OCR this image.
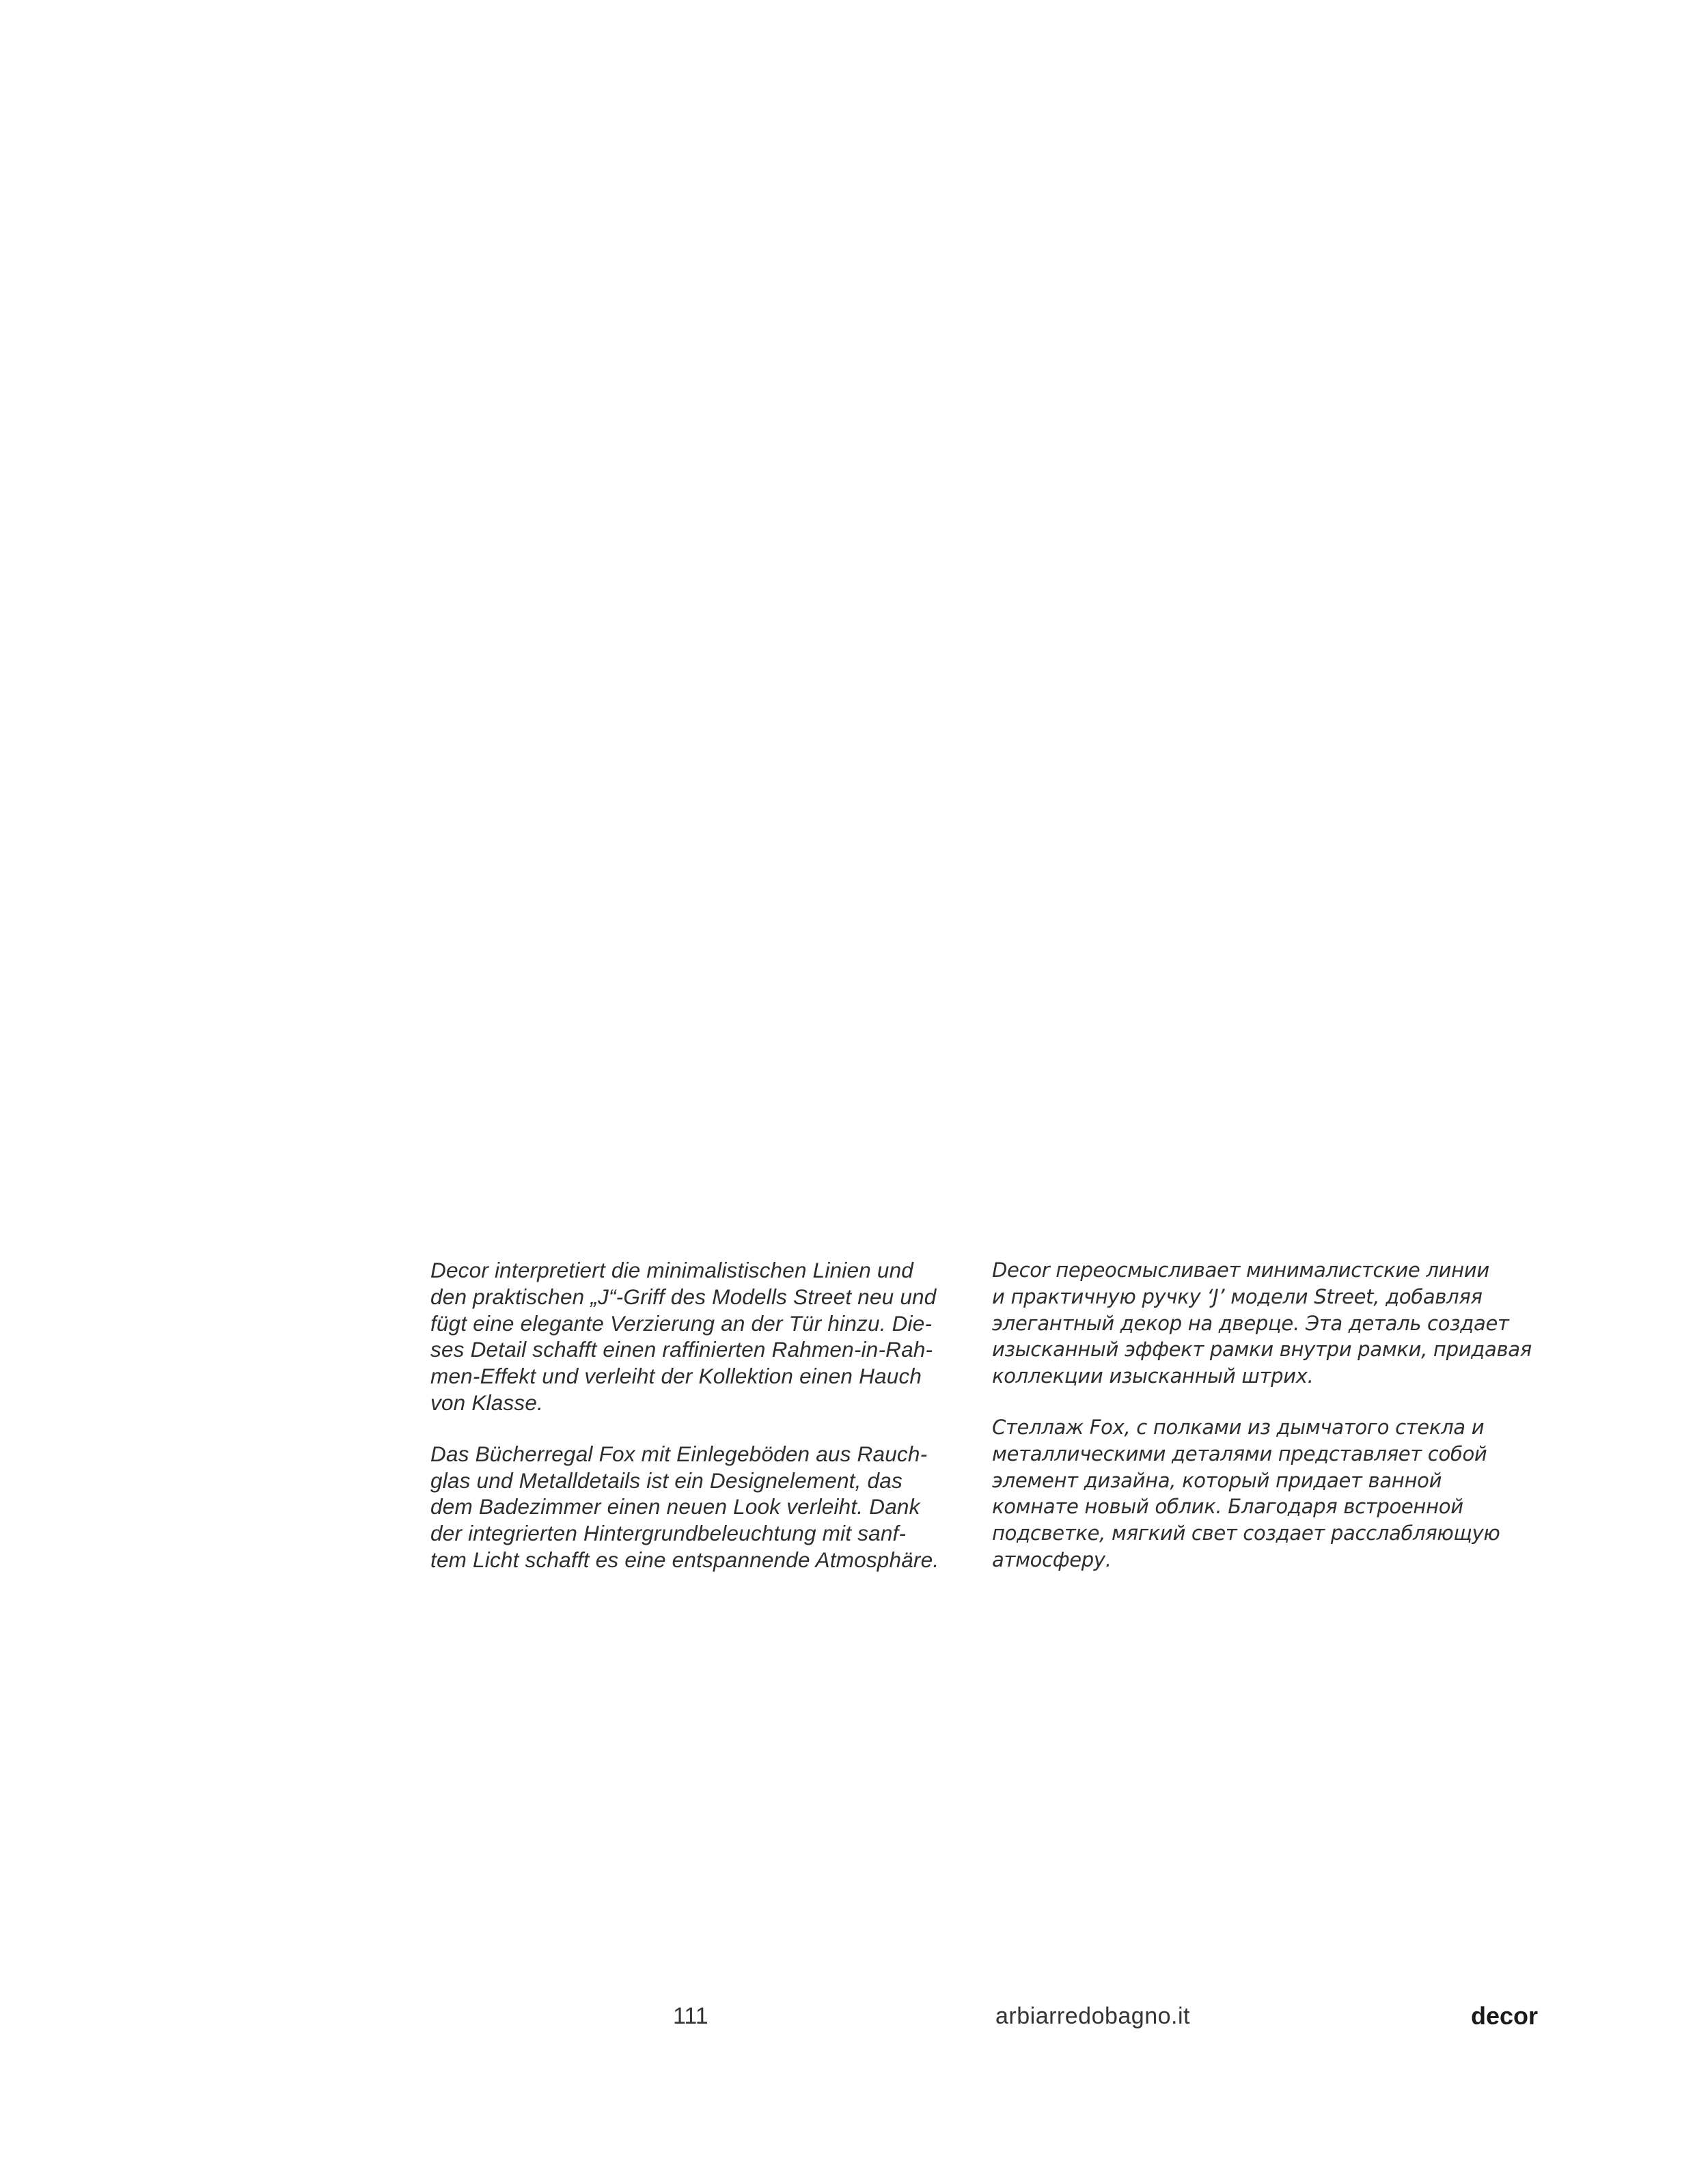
Decor interpretiert die minimalistischen Linien und
den praktischen „J“-Griff des Modells Street neu und
fügt eine elegante Verzierung an der Tür hinzu. Die-
ses Detail schafft einen raffinierten Rahmen-in-Rah-
men-Effekt und verleiht der Kollektion einen Hauch
von Klasse.

Das Bücherregal Fox mit Einlegeböden aus Rauch-
glas und Metalldetails ist ein Designelement, das
dem Badezimmer einen neuen Look verleiht. Dank
der integrierten Hintergrundbeleuchtung mit sanf-
tem Licht schafft es eine entspannende Atmosphäre.

Decor переосмысливает минималистские линии
и практичную ручку ‘J’ модели Street, добавляя
элегантный декор на дверце. Эта деталь создает
изысканный эффект рамки внутри рамки, придавая
коллекции изысканный штрих.

Стеллаж Fox, с полками из дымчатого стекла и
металлическими деталями представляет собой
элемент дизайна, который придает ванной
комнате новый облик. Благодаря встроенной
подсветке, мягкий свет создает расслабляющую
атмосферу.

111	arbiarredobagno.it	decor
